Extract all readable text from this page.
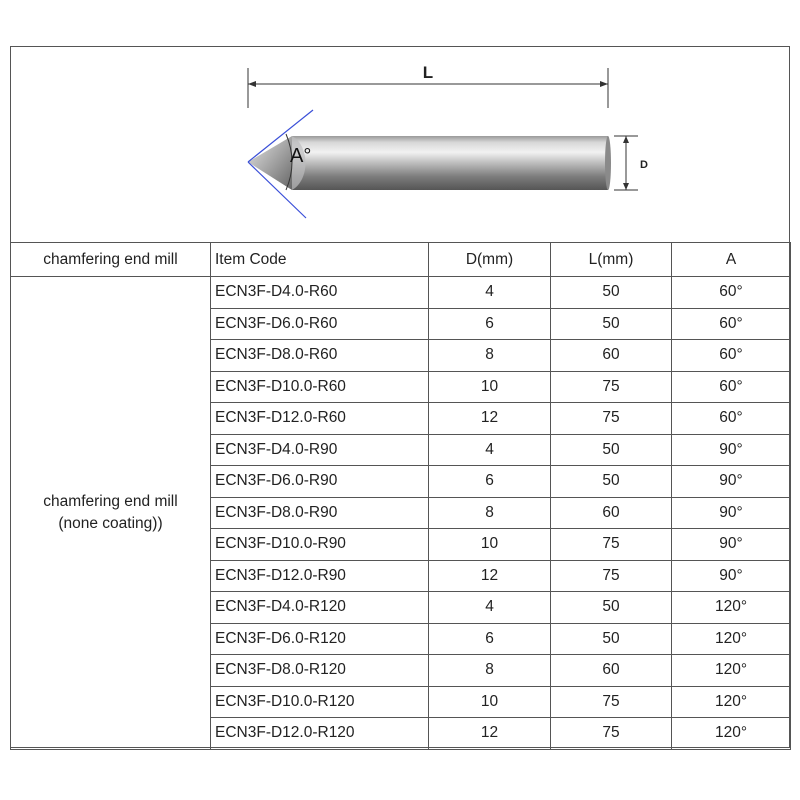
L
D
A°
chamfering end mill	Item Code	D(mm)	L(mm)	A

chamfering end mill
(none coating))	ECN3F-D4.0-R60	4	50	60°
	ECN3F-D6.0-R60	6	50	60°
	ECN3F-D8.0-R60	8	60	60°
	ECN3F-D10.0-R60	10	75	60°
	ECN3F-D12.0-R60	12	75	60°
	ECN3F-D4.0-R90	4	50	90°
	ECN3F-D6.0-R90	6	50	90°
	ECN3F-D8.0-R90	8	60	90°
	ECN3F-D10.0-R90	10	75	90°
	ECN3F-D12.0-R90	12	75	90°
	ECN3F-D4.0-R120	4	50	120°
	ECN3F-D6.0-R120	6	50	120°
	ECN3F-D8.0-R120	8	60	120°
	ECN3F-D10.0-R120	10	75	120°
	ECN3F-D12.0-R120	12	75	120°
